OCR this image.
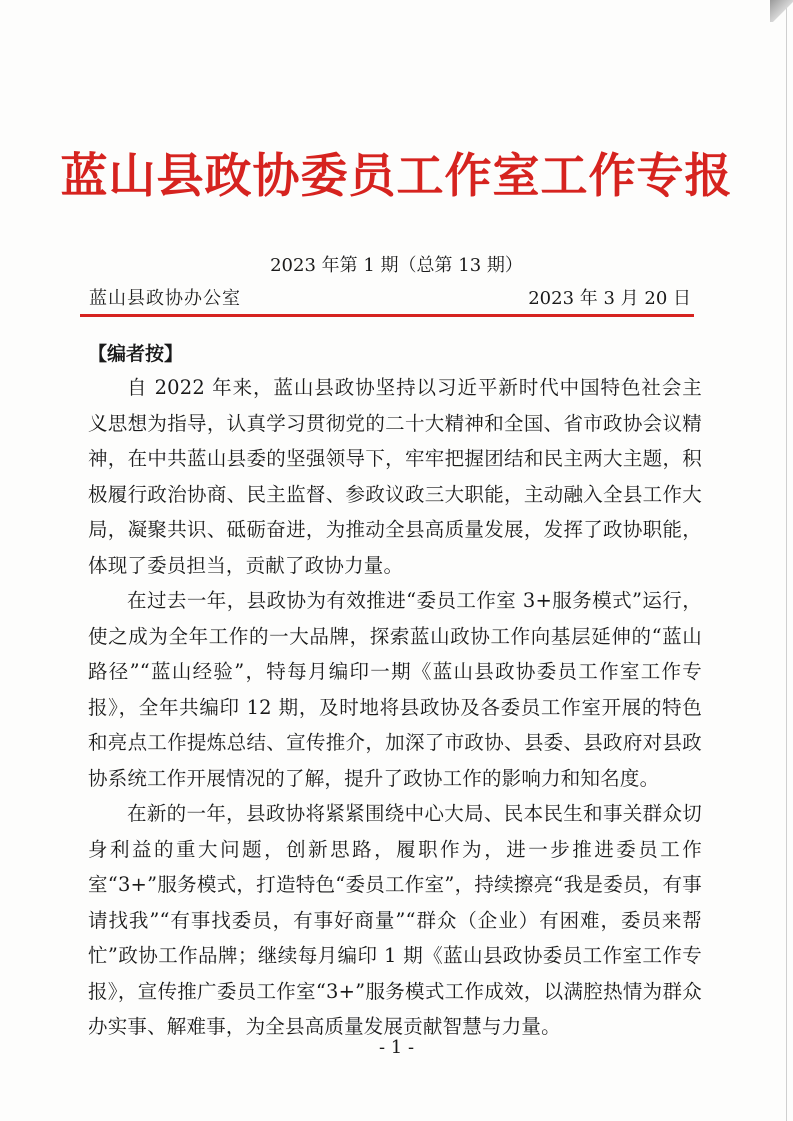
蓝山县政协委员工作室工作专报
2023 年第 1 期（总第 13 期）
蓝山县政协办公室	2023 年 3 月 20 日
【编者按】

自 2022 年来，蓝山县政协坚持以习近平新时代中国特色社会主义思想为指导，认真学习贯彻党的二十大精神和全国、省市政协会议精神，在中共蓝山县委的坚强领导下，牢牢把握团结和民主两大主题，积极履行政治协商、民主监督、参政议政三大职能，主动融入全县工作大局，凝聚共识、砥砺奋进，为推动全县高质量发展，发挥了政协职能，体现了委员担当，贡献了政协力量。

在过去一年，县政协为有效推进“委员工作室 3+服务模式”运行，使之成为全年工作的一大品牌，探索蓝山政协工作向基层延伸的“蓝山路径”“蓝山经验”，特每月编印一期《蓝山县政协委员工作室工作专报》，全年共编印 12 期，及时地将县政协及各委员工作室开展的特色和亮点工作提炼总结、宣传推介，加深了市政协、县委、县政府对县政协系统工作开展情况的了解，提升了政协工作的影响力和知名度。

在新的一年，县政协将紧紧围绕中心大局、民本民生和事关群众切身利益的重大问题，创新思路，履职作为，进一步推进委员工作室“3+”服务模式，打造特色“委员工作室”，持续擦亮“我是委员，有事请找我”“有事找委员，有事好商量”“群众（企业）有困难，委员来帮忙”政协工作品牌；继续每月编印 1 期《蓝山县政协委员工作室工作专报》，宣传推广委员工作室“3+”服务模式工作成效，以满腔热情为群众办实事、解难事，为全县高质量发展贡献智慧与力量。

- 1 -
